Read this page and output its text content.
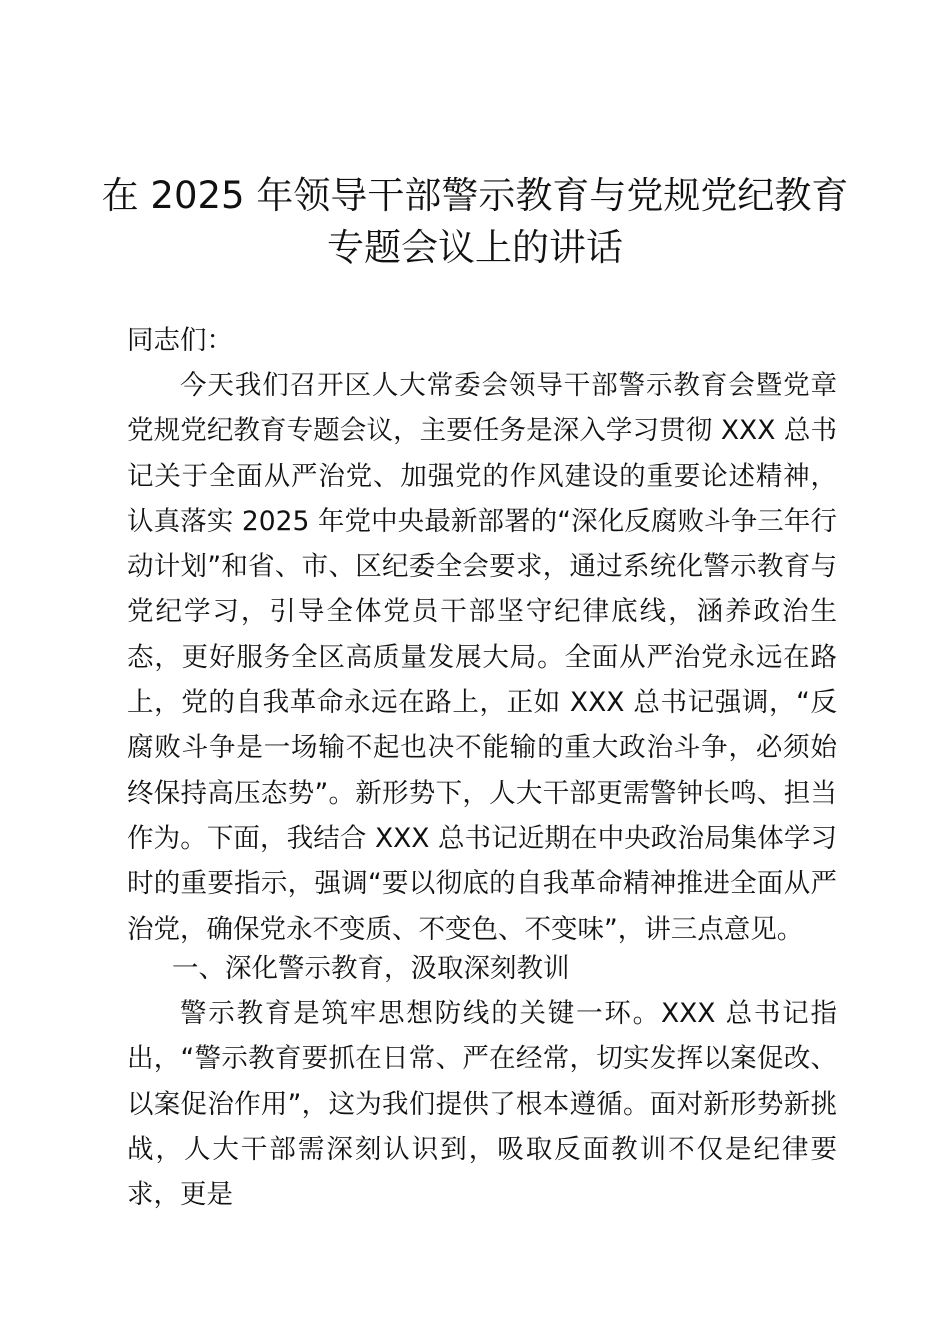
在 2025 年领导干部警示教育与党规党纪教育
专题会议上的讲话

同志们：

今天我们召开区人大常委会领导干部警示教育会暨党章党规党纪教育专题会议，主要任务是深入学习贯彻 XXX 总书记关于全面从严治党、加强党的作风建设的重要论述精神，认真落实 2025 年党中央最新部署的“深化反腐败斗争三年行动计划”和省、市、区纪委全会要求，通过系统化警示教育与党纪学习，引导全体党员干部坚守纪律底线，涵养政治生态，更好服务全区高质量发展大局。全面从严治党永远在路上，党的自我革命永远在路上，正如 XXX 总书记强调，“反腐败斗争是一场输不起也决不能输的重大政治斗争，必须始终保持高压态势”。新形势下，人大干部更需警钟长鸣、担当作为。下面，我结合 XXX 总书记近期在中央政治局集体学习时的重要指示，强调“要以彻底的自我革命精神推进全面从严治党，确保党永不变质、不变色、不变味”，讲三点意见。

一、深化警示教育，汲取深刻教训

警示教育是筑牢思想防线的关键一环。XXX 总书记指出，“警示教育要抓在日常、严在经常，切实发挥以案促改、以案促治作用”，这为我们提供了根本遵循。面对新形势新挑战，人大干部需深刻认识到，吸取反面教训不仅是纪律要求，更是
